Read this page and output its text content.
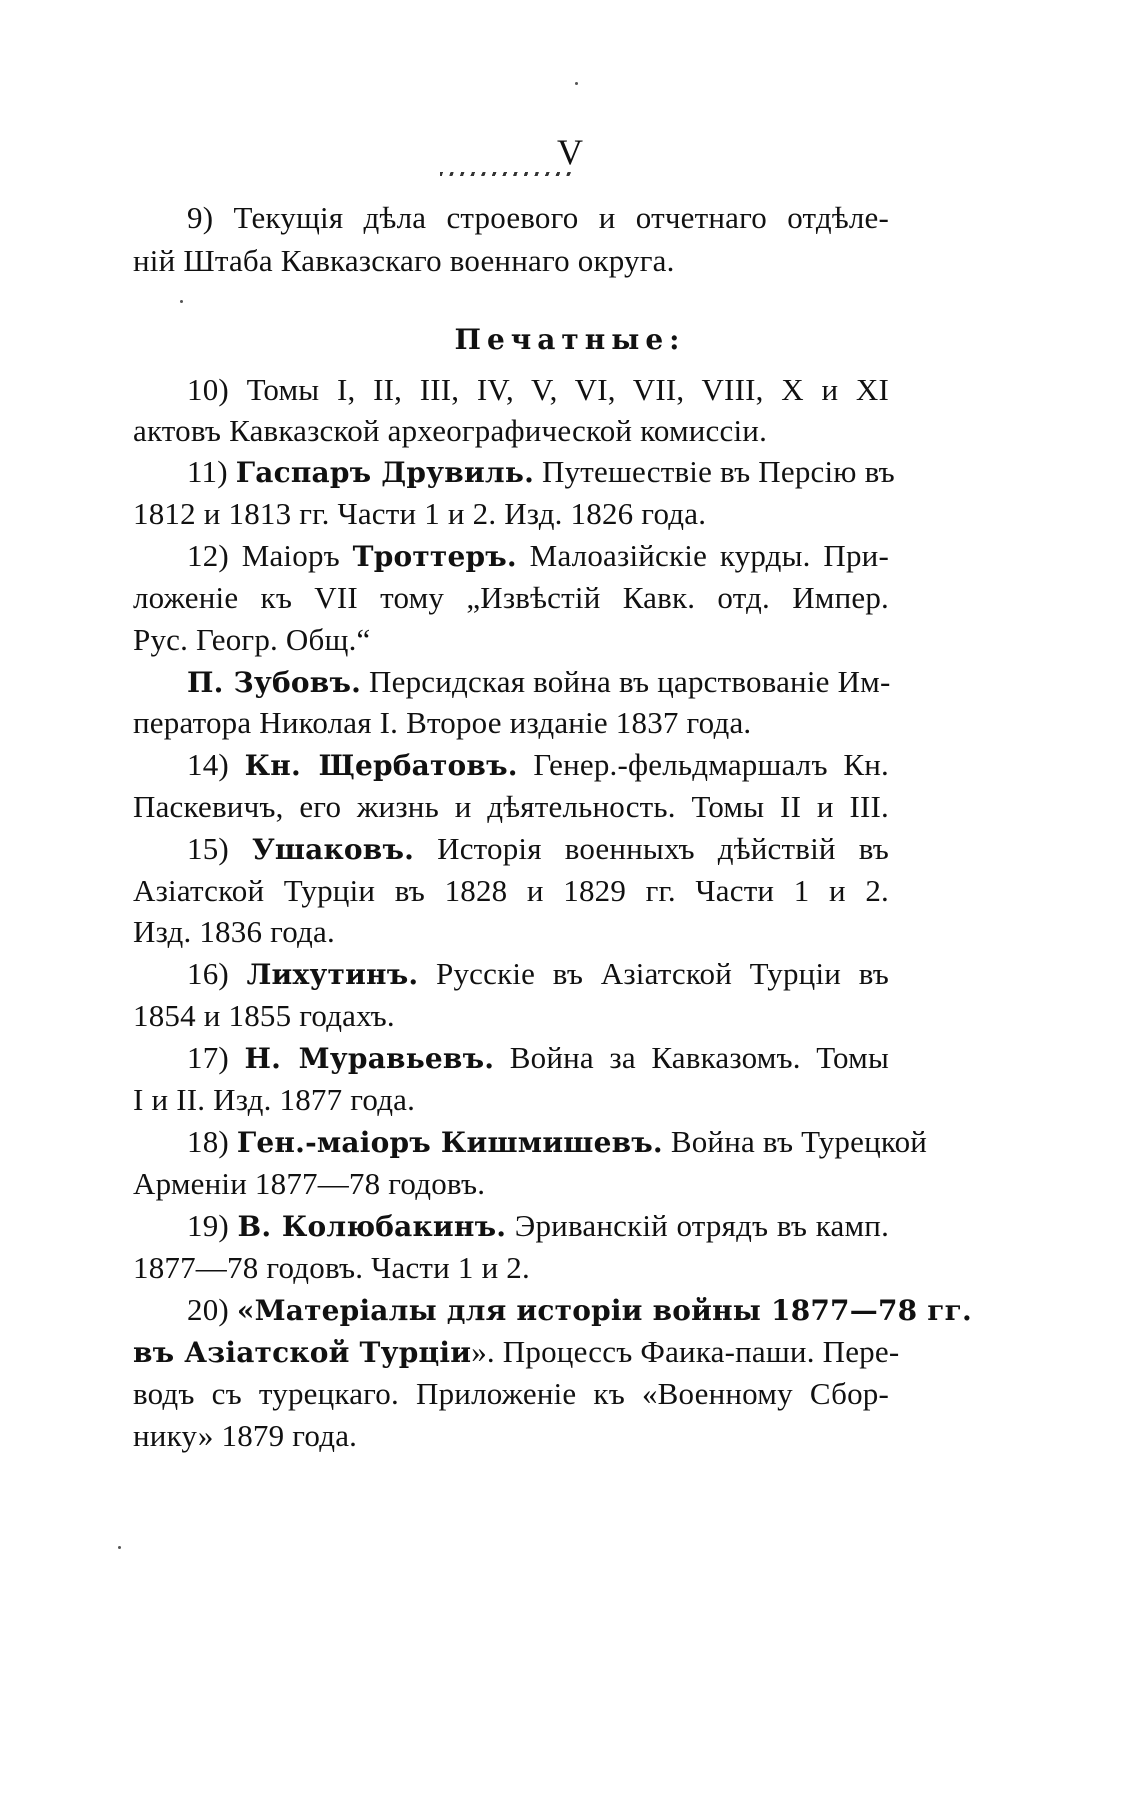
V
9) Текущія дѣла строевого и отчетнаго отдѣле-
ній Штаба Кавказскаго военнаго округа.
Печатные:
10) Томы I, II, III, IV, V, VI, VII, VIII, X и XI
актовъ Кавказской археографической комиссіи.
11) Гаспаръ Друвиль. Путешествіе въ Персію въ
1812 и 1813 гг. Части 1 и 2. Изд. 1826 года.
12) Маіоръ Троттеръ. Малоазійскіе курды. При-
ложеніе къ VII тому „Извѣстій Кавк. отд. Импер.
Рус. Геогр. Общ.“
П. Зубовъ. Персидская война въ царствованіе Им-
ператора Николая I. Второе изданіе 1837 года.
14) Кн. Щербатовъ. Генер.-фельдмаршалъ Кн.
Паскевичъ, его жизнь и дѣятельность. Томы II и III.
15) Ушаковъ. Исторія военныхъ дѣйствій въ
Азіатской Турціи въ 1828 и 1829 гг. Части 1 и 2.
Изд. 1836 года.
16) Лихутинъ. Русскіе въ Азіатской Турціи въ
1854 и 1855 годахъ.
17) Н. Муравьевъ. Война за Кавказомъ. Томы
I и II. Изд. 1877 года.
18) Ген.-маіоръ Кишмишевъ. Война въ Турецкой
Арменіи 1877—78 годовъ.
19) В. Колюбакинъ. Эриванскій отрядъ въ камп.
1877—78 годовъ. Части 1 и 2.
20) «Матеріалы для исторіи войны 1877—78 гг.
въ Азіатской Турціи». Процессъ Фаика-паши. Пере-
водъ съ турецкаго. Приложеніе къ «Военному Сбор-
нику» 1879 года.
